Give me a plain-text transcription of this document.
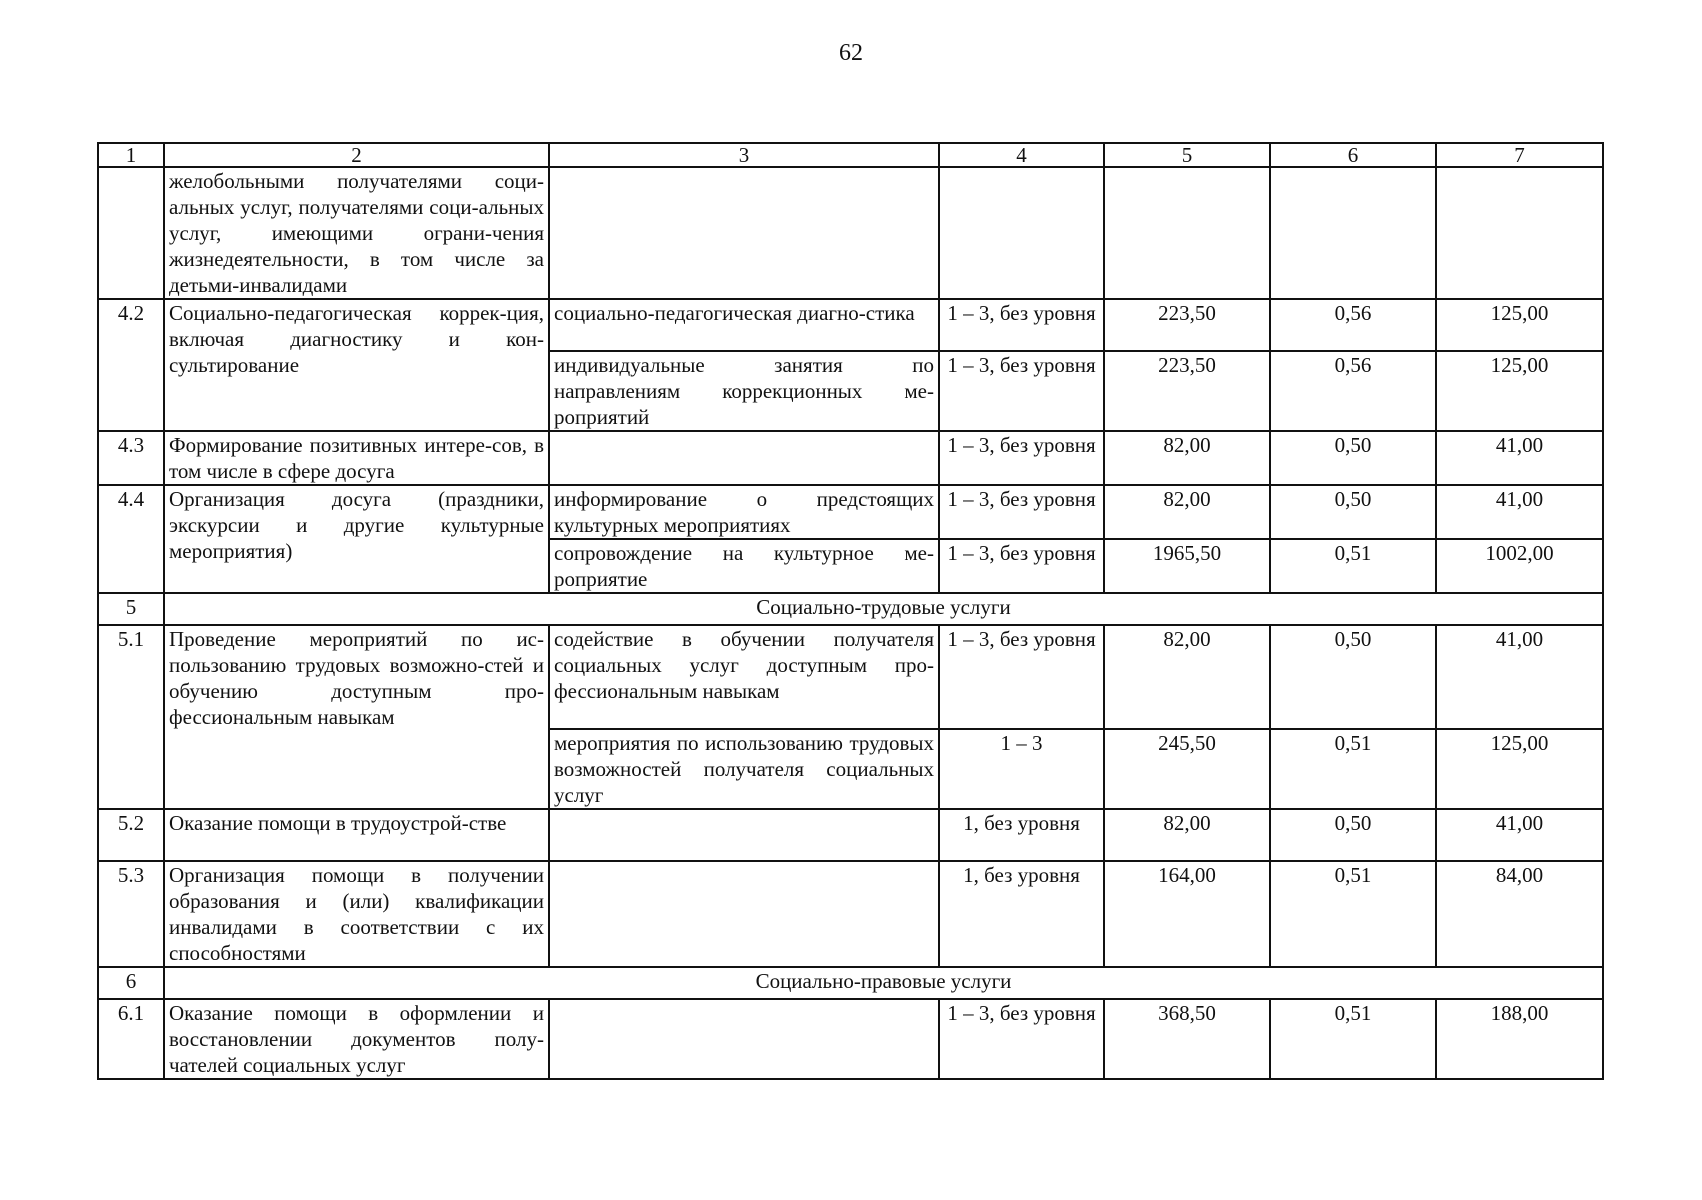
62
1	2	3	4	5	6	7
	желобольными получателями соци-альных услуг, получателями соци-альных услуг, имеющими ограни-чения жизнедеятельности, в том числе за детьми-инвалидами					
4.2	Социально-педагогическая коррек-ция, включая диагностику и кон-сультирование	социально-педагогическая диагно-стика	1 – 3, без уровня	223,50	0,56	125,00
		индивидуальные занятия по направлениям коррекционных ме-роприятий	1 – 3, без уровня	223,50	0,56	125,00
4.3	Формирование позитивных интере-сов, в том числе в сфере досуга		1 – 3, без уровня	82,00	0,50	41,00
4.4	Организация досуга (праздники, экскурсии и другие культурные мероприятия)	информирование о предстоящих культурных мероприятиях	1 – 3, без уровня	82,00	0,50	41,00
		сопровождение на культурное ме-роприятие	1 – 3, без уровня	1965,50	0,51	1002,00
5	Социально-трудовые услуги					
5.1	Проведение мероприятий по ис-пользованию трудовых возможно-стей и обучению доступным про-фессиональным навыкам	содействие в обучении получателя социальных услуг доступным про-фессиональным навыкам	1 – 3, без уровня	82,00	0,50	41,00
		мероприятия по использованию трудовых возможностей получателя социальных услуг	1 – 3	245,50	0,51	125,00
5.2	Оказание помощи в трудоустрой-стве		1, без уровня	82,00	0,50	41,00
5.3	Организация помощи в получении образования и (или) квалификации инвалидами в соответствии с их способностями		1, без уровня	164,00	0,51	84,00
6	Социально-правовые услуги					
6.1	Оказание помощи в оформлении и восстановлении документов полу-чателей социальных услуг		1 – 3, без уровня	368,50	0,51	188,00
